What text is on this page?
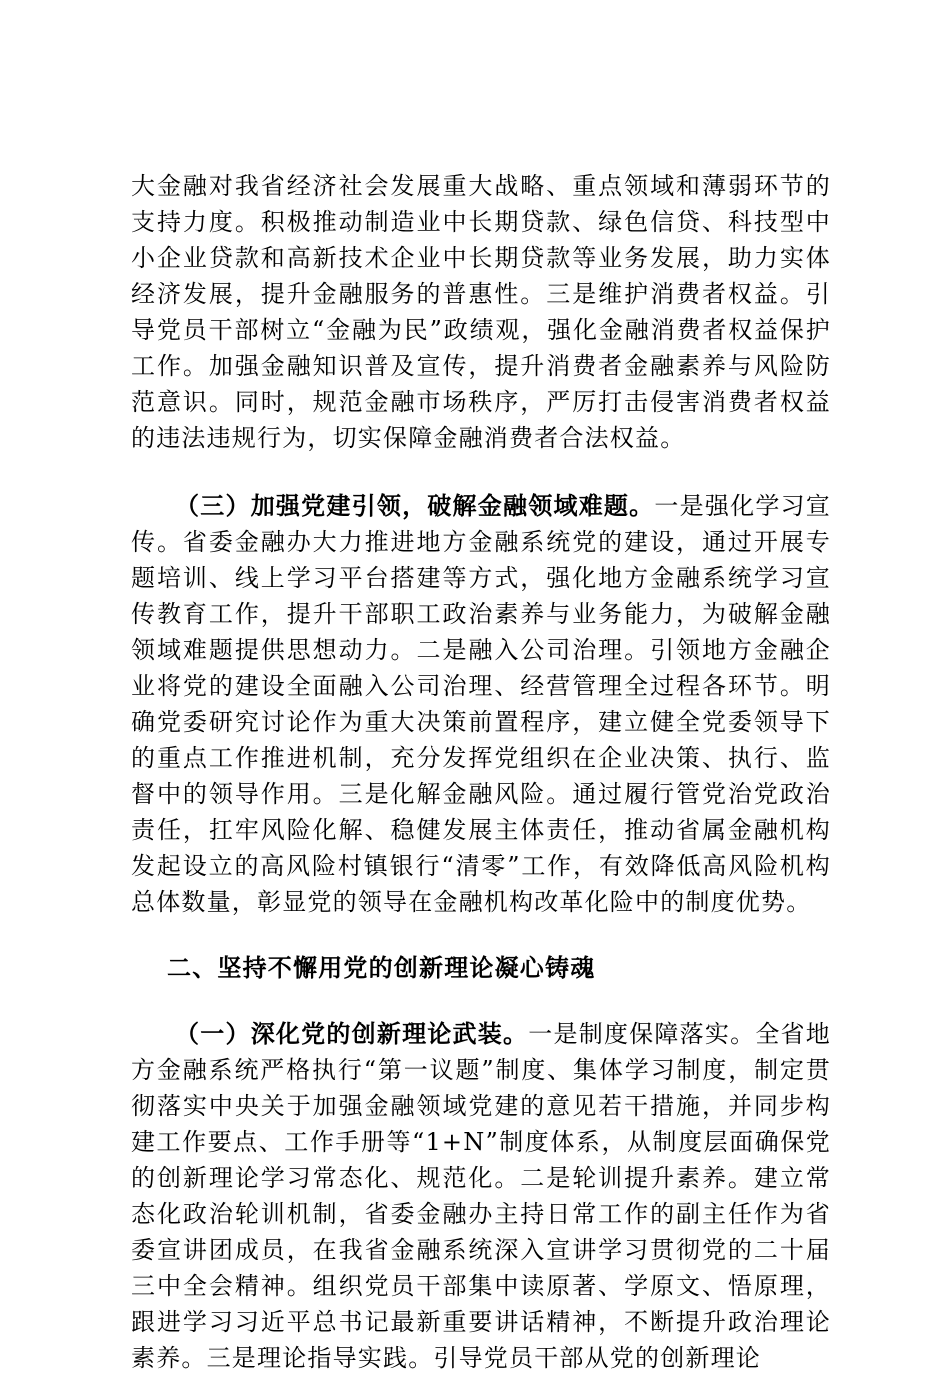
大金融对我省经济社会发展重大战略、重点领域和薄弱环节的支持力度。积极推动制造业中长期贷款、绿色信贷、科技型中小企业贷款和高新技术企业中长期贷款等业务发展，助力实体经济发展，提升金融服务的普惠性。三是维护消费者权益。引导党员干部树立“金融为民”政绩观，强化金融消费者权益保护工作。加强金融知识普及宣传，提升消费者金融素养与风险防范意识。同时，规范金融市场秩序，严厉打击侵害消费者权益的违法违规行为，切实保障金融消费者合法权益。

（三）加强党建引领，破解金融领域难题。一是强化学习宣传。省委金融办大力推进地方金融系统党的建设，通过开展专题培训、线上学习平台搭建等方式，强化地方金融系统学习宣传教育工作，提升干部职工政治素养与业务能力，为破解金融领域难题提供思想动力。二是融入公司治理。引领地方金融企业将党的建设全面融入公司治理、经营管理全过程各环节。明确党委研究讨论作为重大决策前置程序，建立健全党委领导下的重点工作推进机制，充分发挥党组织在企业决策、执行、监督中的领导作用。三是化解金融风险。通过履行管党治党政治责任，扛牢风险化解、稳健发展主体责任，推动省属金融机构发起设立的高风险村镇银行“清零”工作，有效降低高风险机构总体数量，彰显党的领导在金融机构改革化险中的制度优势。

二、坚持不懈用党的创新理论凝心铸魂

（一）深化党的创新理论武装。一是制度保障落实。全省地方金融系统严格执行“第一议题”制度、集体学习制度，制定贯彻落实中央关于加强金融领域党建的意见若干措施，并同步构建工作要点、工作手册等“1+N”制度体系，从制度层面确保党的创新理论学习常态化、规范化。二是轮训提升素养。建立常态化政治轮训机制，省委金融办主持日常工作的副主任作为省委宣讲团成员，在我省金融系统深入宣讲学习贯彻党的二十届三中全会精神。组织党员干部集中读原著、学原文、悟原理，跟进学习习近平总书记最新重要讲话精神，不断提升政治理论素养。三是理论指导实践。引导党员干部从党的创新理论
